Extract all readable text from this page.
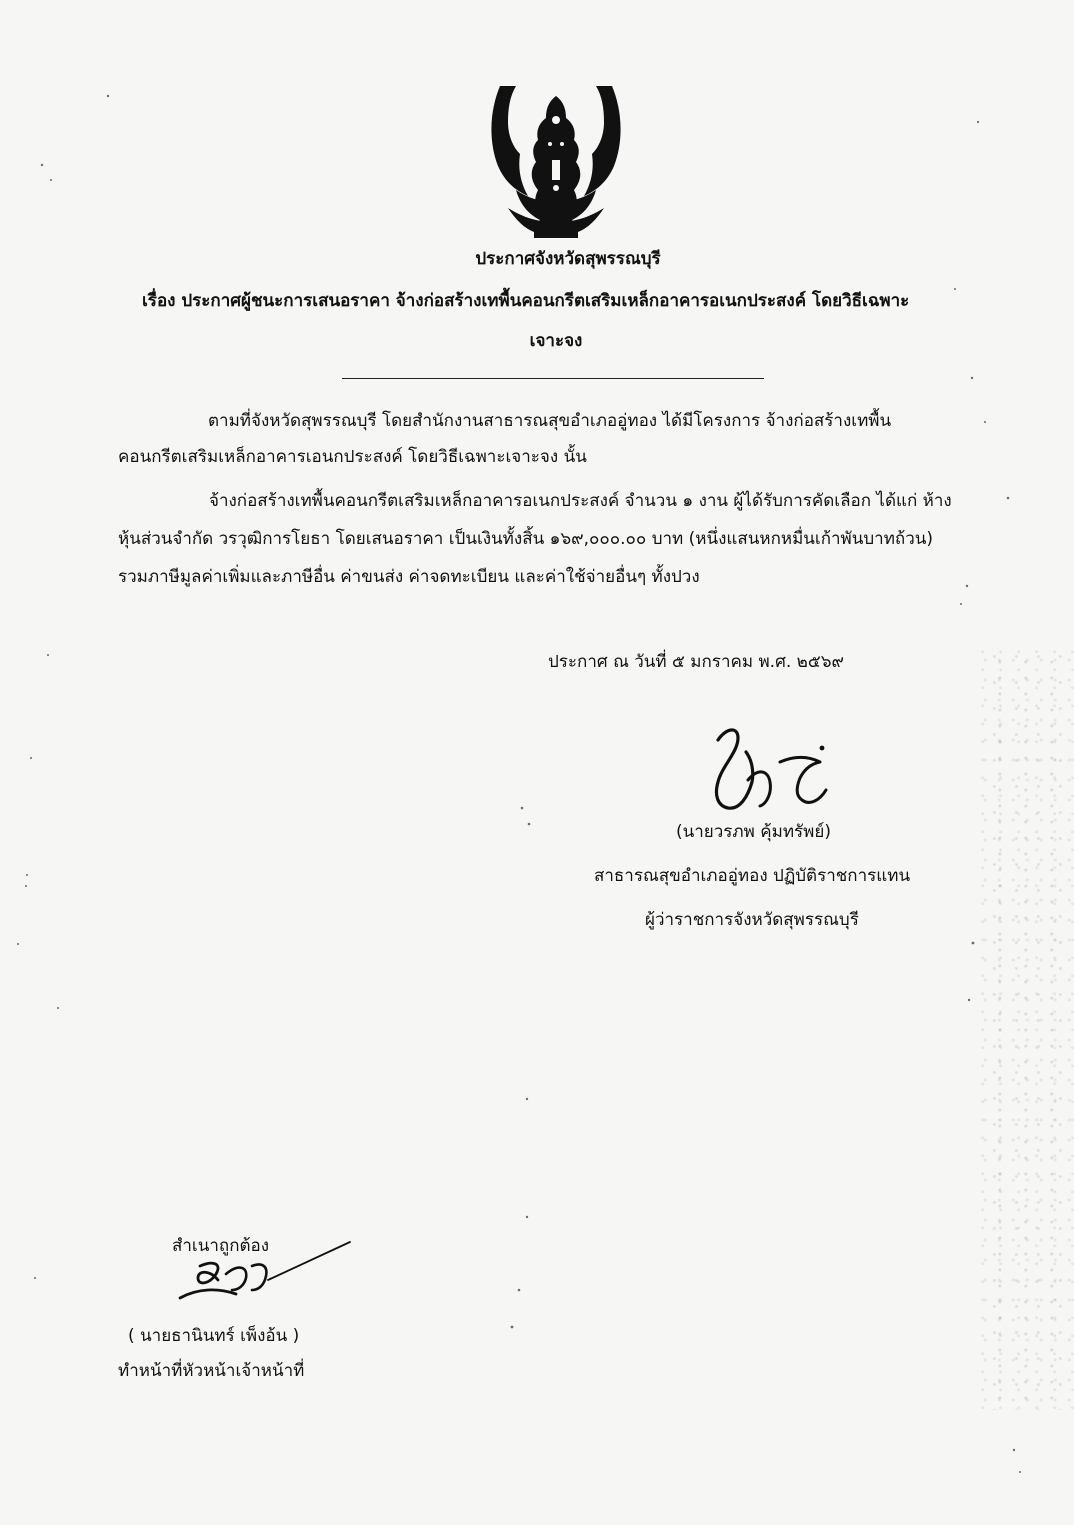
ประกาศจังหวัดสุพรรณบุรี
เรื่อง ประกาศผู้ชนะการเสนอราคา จ้างก่อสร้างเทพื้นคอนกรีตเสริมเหล็กอาคารอเนกประสงค์ โดยวิธีเฉพาะ
เจาะจง
ตามที่จังหวัดสุพรรณบุรี โดยสำนักงานสาธารณสุขอำเภออู่ทอง ได้มีโครงการ จ้างก่อสร้างเทพื้น
คอนกรีตเสริมเหล็กอาคารเอนกประสงค์ โดยวิธีเฉพาะเจาะจง นั้น
จ้างก่อสร้างเทพื้นคอนกรีตเสริมเหล็กอาคารอเนกประสงค์ จำนวน ๑ งาน ผู้ได้รับการคัดเลือก ได้แก่ ห้าง
หุ้นส่วนจำกัด วรวุฒิการโยธา โดยเสนอราคา เป็นเงินทั้งสิ้น ๑๖๙,๐๐๐.๐๐ บาท (หนึ่งแสนหกหมื่นเก้าพันบาทถ้วน)
รวมภาษีมูลค่าเพิ่มและภาษีอื่น ค่าขนส่ง ค่าจดทะเบียน และค่าใช้จ่ายอื่นๆ ทั้งปวง
ประกาศ ณ วันที่ ๕ มกราคม พ.ศ. ๒๕๖๙
(นายวรภพ คุ้มทรัพย์)
สาธารณสุขอำเภออู่ทอง ปฏิบัติราชการแทน
ผู้ว่าราชการจังหวัดสุพรรณบุรี
สำเนาถูกต้อง
( นายธานินทร์ เพ็งอ้น )
ทำหน้าที่หัวหน้าเจ้าหน้าที่
